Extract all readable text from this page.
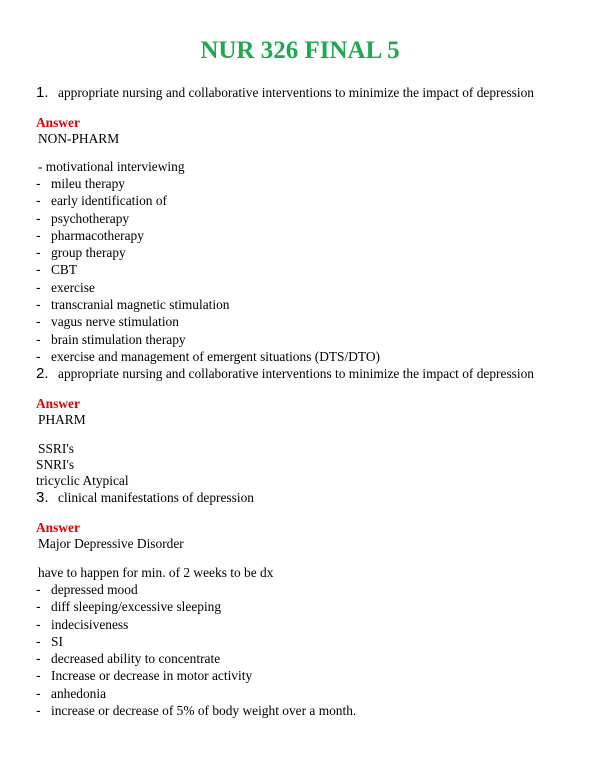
NUR 326 FINAL 5
1. appropriate nursing and collaborative interventions to minimize the impact of depression
Answer
NON-PHARM
- motivational interviewing
- mileu therapy
- early identification of
- psychotherapy
- pharmacotherapy
- group therapy
- CBT
- exercise
- transcranial magnetic stimulation
- vagus nerve stimulation
- brain stimulation therapy
- exercise and management of emergent situations (DTS/DTO)
2. appropriate nursing and collaborative interventions to minimize the impact of depression
Answer
PHARM
SSRI's
SNRI's
tricyclic Atypical
3. clinical manifestations of depression
Answer
Major Depressive Disorder
have to happen for min. of 2 weeks to be dx
- depressed mood
- diff sleeping/excessive sleeping
- indecisiveness
- SI
- decreased ability to concentrate
- Increase or decrease in motor activity
- anhedonia
- increase or decrease of 5% of body weight over a month.
